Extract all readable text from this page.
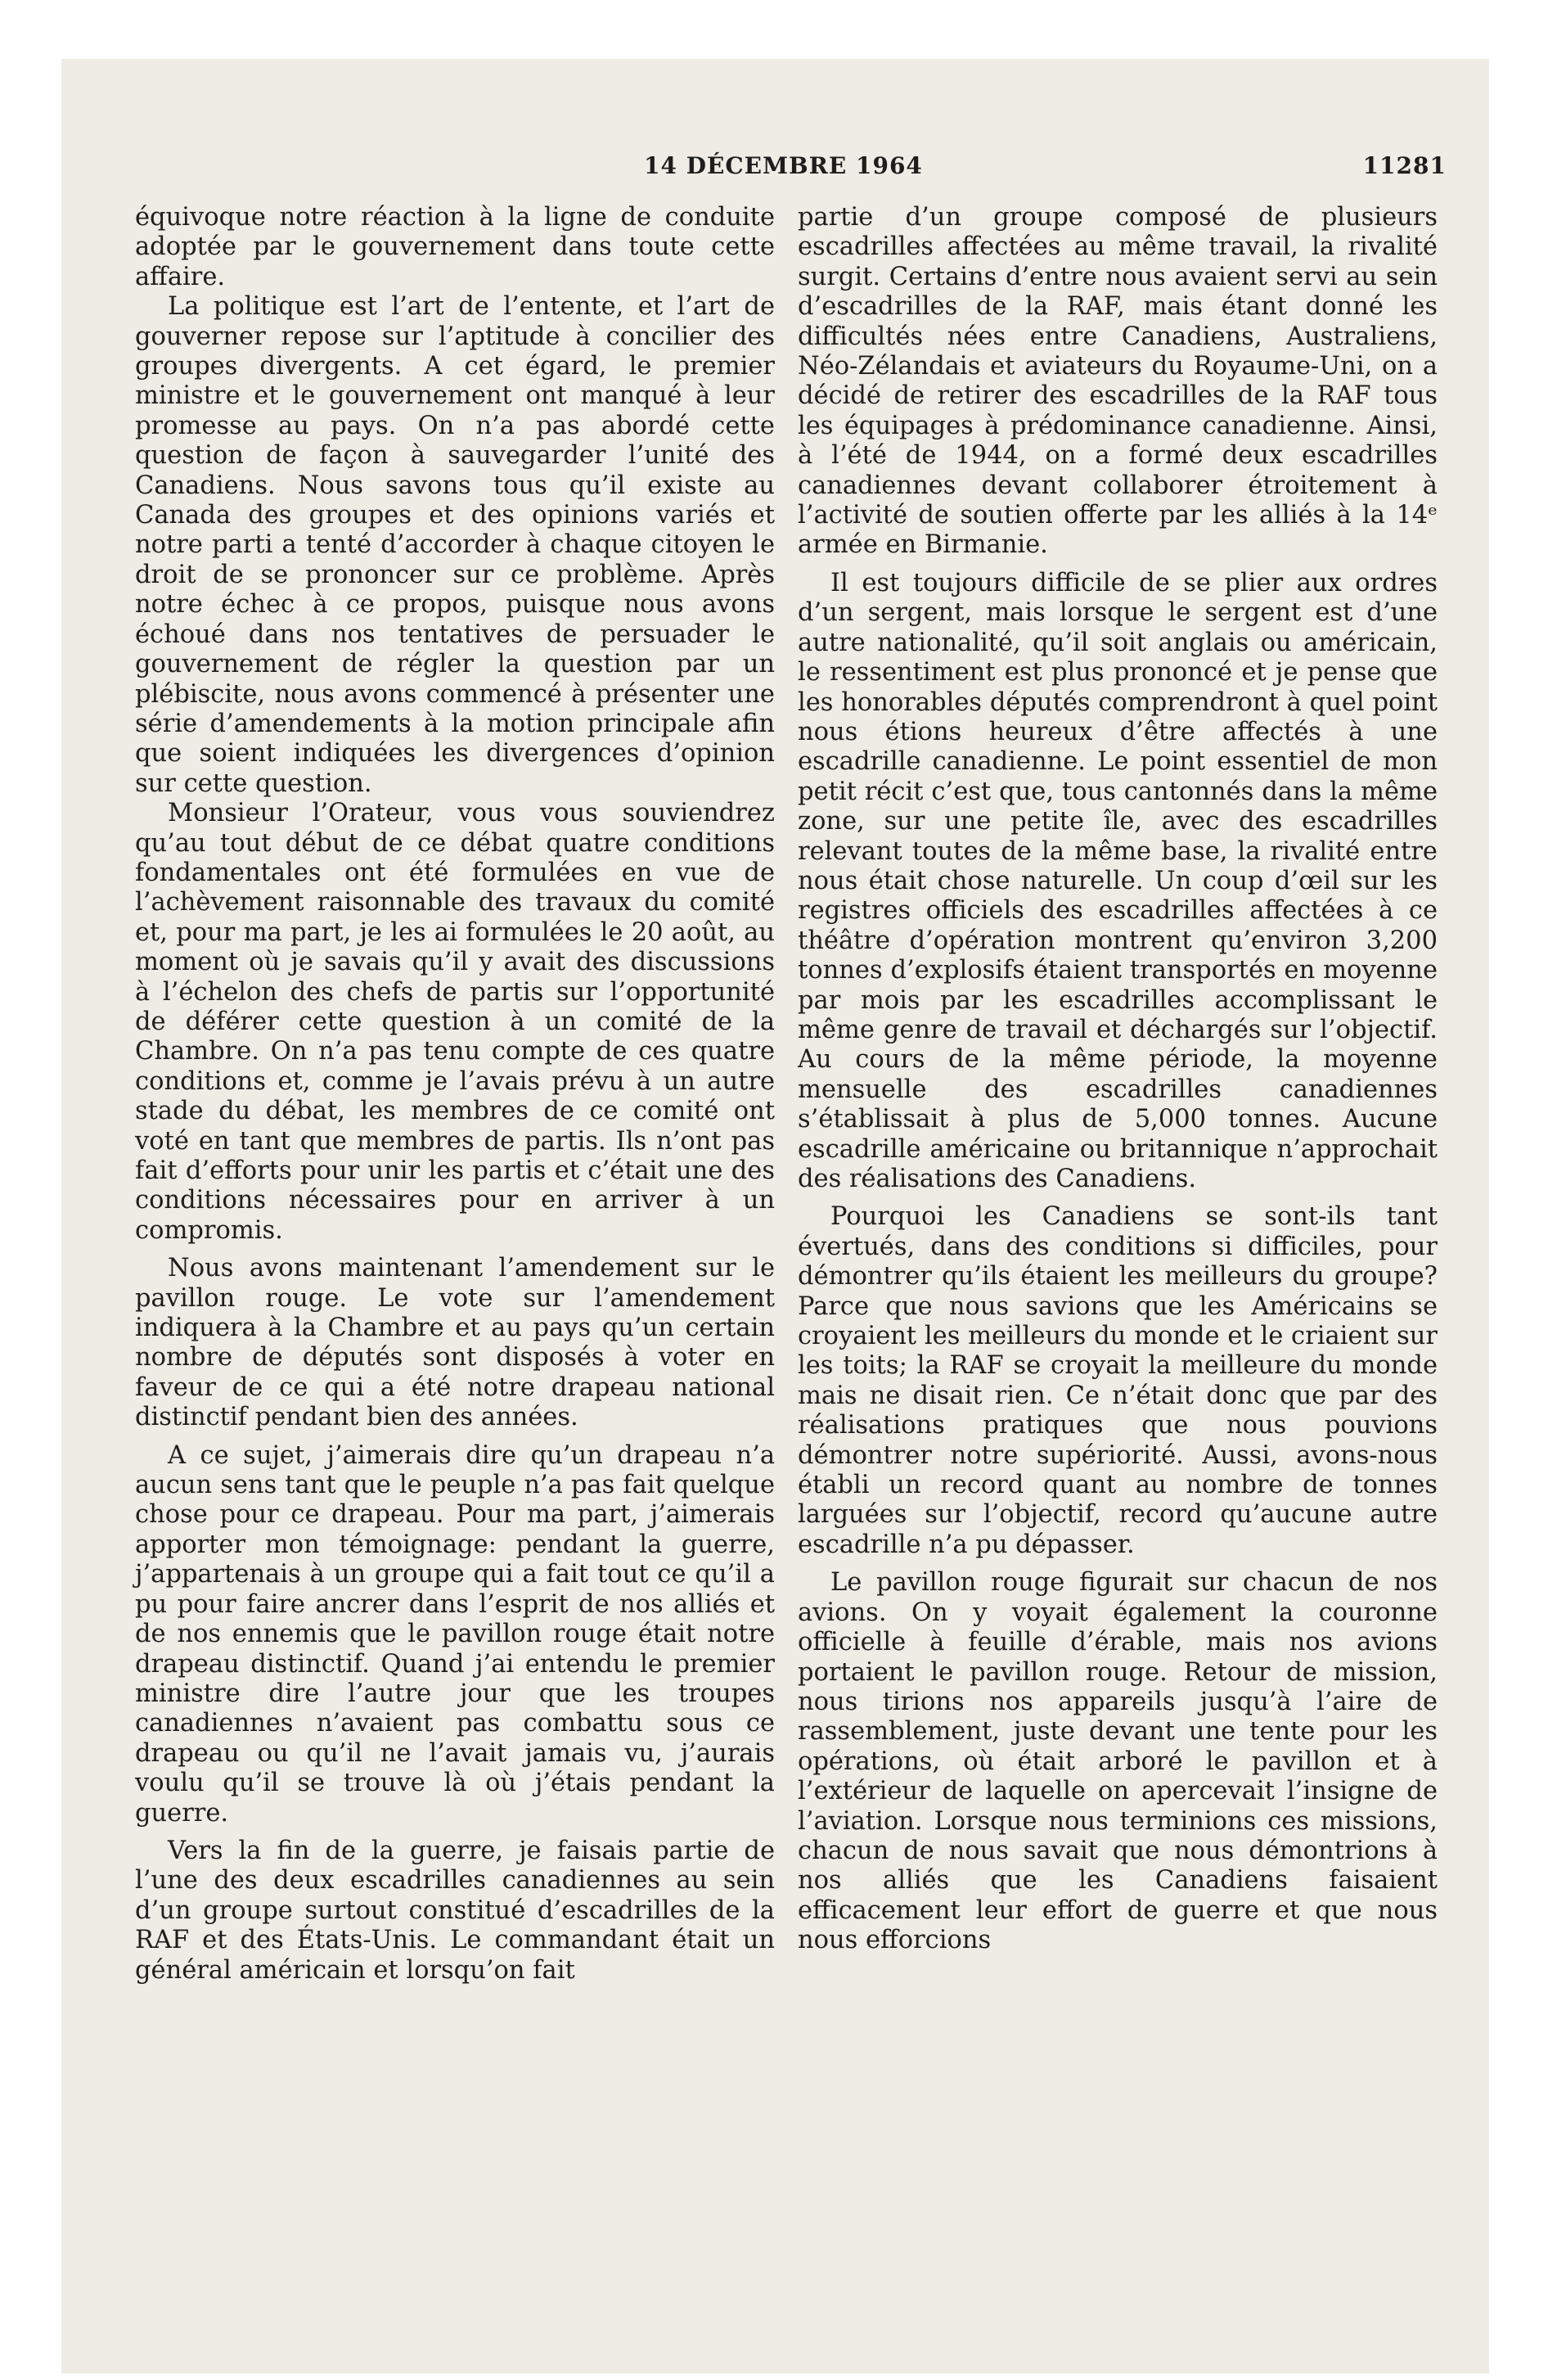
14 DÉCEMBRE 1964	11281

équivoque notre réaction à la ligne de conduite adoptée par le gouvernement dans toute cette affaire.

La politique est l’art de l’entente, et l’art de gouverner repose sur l’aptitude à concilier des groupes divergents. A cet égard, le premier ministre et le gouvernement ont manqué à leur promesse au pays. On n’a pas abordé cette question de façon à sauvegarder l’unité des Canadiens. Nous savons tous qu’il existe au Canada des groupes et des opinions variés et notre parti a tenté d’accorder à chaque citoyen le droit de se prononcer sur ce problème. Après notre échec à ce propos, puisque nous avons échoué dans nos tentatives de persuader le gouvernement de régler la question par un plébiscite, nous avons commencé à présenter une série d’amendements à la motion principale afin que soient indiquées les divergences d’opinion sur cette question.

Monsieur l’Orateur, vous vous souviendrez qu’au tout début de ce débat quatre conditions fondamentales ont été formulées en vue de l’achèvement raisonnable des travaux du comité et, pour ma part, je les ai formulées le 20 août, au moment où je savais qu’il y avait des discussions à l’échelon des chefs de partis sur l’opportunité de déférer cette question à un comité de la Chambre. On n’a pas tenu compte de ces quatre conditions et, comme je l’avais prévu à un autre stade du débat, les membres de ce comité ont voté en tant que membres de partis. Ils n’ont pas fait d’efforts pour unir les partis et c’était une des conditions nécessaires pour en arriver à un compromis.

Nous avons maintenant l’amendement sur le pavillon rouge. Le vote sur l’amendement indiquera à la Chambre et au pays qu’un certain nombre de députés sont disposés à voter en faveur de ce qui a été notre drapeau national distinctif pendant bien des années.

A ce sujet, j’aimerais dire qu’un drapeau n’a aucun sens tant que le peuple n’a pas fait quelque chose pour ce drapeau. Pour ma part, j’aimerais apporter mon témoignage: pendant la guerre, j’appartenais à un groupe qui a fait tout ce qu’il a pu pour faire ancrer dans l’esprit de nos alliés et de nos ennemis que le pavillon rouge était notre drapeau distinctif. Quand j’ai entendu le premier ministre dire l’autre jour que les troupes canadiennes n’avaient pas combattu sous ce drapeau ou qu’il ne l’avait jamais vu, j’aurais voulu qu’il se trouve là où j’étais pendant la guerre.

Vers la fin de la guerre, je faisais partie de l’une des deux escadrilles canadiennes au sein d’un groupe surtout constitué d’escadrilles de la RAF et des États-Unis. Le commandant était un général américain et lorsqu’on fait

partie d’un groupe composé de plusieurs escadrilles affectées au même travail, la rivalité surgit. Certains d’entre nous avaient servi au sein d’escadrilles de la RAF, mais étant donné les difficultés nées entre Canadiens, Australiens, Néo-Zélandais et aviateurs du Royaume-Uni, on a décidé de retirer des escadrilles de la RAF tous les équipages à prédominance canadienne. Ainsi, à l’été de 1944, on a formé deux escadrilles canadiennes devant collaborer étroitement à l’activité de soutien offerte par les alliés à la 14ᵉ armée en Birmanie.

Il est toujours difficile de se plier aux ordres d’un sergent, mais lorsque le sergent est d’une autre nationalité, qu’il soit anglais ou américain, le ressentiment est plus prononcé et je pense que les honorables députés comprendront à quel point nous étions heureux d’être affectés à une escadrille canadienne. Le point essentiel de mon petit récit c’est que, tous cantonnés dans la même zone, sur une petite île, avec des escadrilles relevant toutes de la même base, la rivalité entre nous était chose naturelle. Un coup d’œil sur les registres officiels des escadrilles affectées à ce théâtre d’opération montrent qu’environ 3,200 tonnes d’explosifs étaient transportés en moyenne par mois par les escadrilles accomplissant le même genre de travail et déchargés sur l’objectif. Au cours de la même période, la moyenne mensuelle des escadrilles canadiennes s’établissait à plus de 5,000 tonnes. Aucune escadrille américaine ou britannique n’approchait des réalisations des Canadiens.

Pourquoi les Canadiens se sont-ils tant évertués, dans des conditions si difficiles, pour démontrer qu’ils étaient les meilleurs du groupe? Parce que nous savions que les Américains se croyaient les meilleurs du monde et le criaient sur les toits; la RAF se croyait la meilleure du monde mais ne disait rien. Ce n’était donc que par des réalisations pratiques que nous pouvions démontrer notre supériorité. Aussi, avons-nous établi un record quant au nombre de tonnes larguées sur l’objectif, record qu’aucune autre escadrille n’a pu dépasser.

Le pavillon rouge figurait sur chacun de nos avions. On y voyait également la couronne officielle à feuille d’érable, mais nos avions portaient le pavillon rouge. Retour de mission, nous tirions nos appareils jusqu’à l’aire de rassemblement, juste devant une tente pour les opérations, où était arboré le pavillon et à l’extérieur de laquelle on apercevait l’insigne de l’aviation. Lorsque nous terminions ces missions, chacun de nous savait que nous démontrions à nos alliés que les Canadiens faisaient efficacement leur effort de guerre et que nous nous efforcions
